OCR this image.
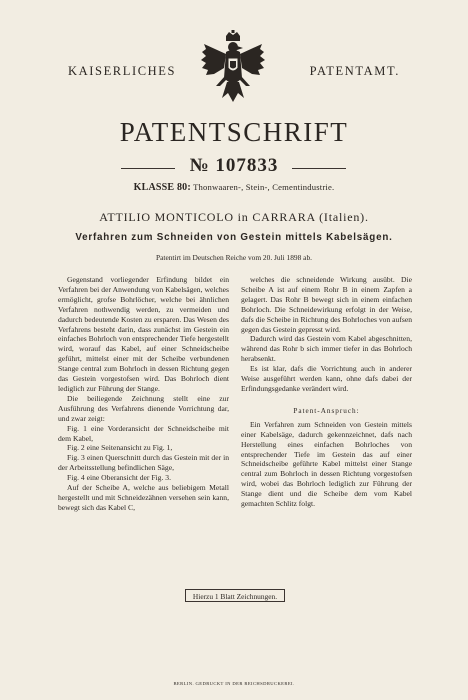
KAISERLICHES	PATENTAMT.
PATENTSCHRIFT
№ 107833
KLASSE 80: Thonwaaren-, Stein-, Cementindustrie.
ATTILIO MONTICOLO in CARRARA (Italien).
Verfahren zum Schneiden von Gestein mittels Kabelsägen.
Patentirt im Deutschen Reiche vom 20. Juli 1898 ab.

Gegenstand vorliegender Erfindung bildet ein Verfahren bei der Anwendung von Kabelsägen, welches ermöglicht, grofse Bohrlöcher, welche bei ähnlichen Verfahren nothwendig werden, zu vermeiden und dadurch bedeutende Kosten zu ersparen. Das Wesen des Verfahrens besteht darin, dass zunächst im Gestein ein einfaches Bohrloch von entsprechender Tiefe hergestellt wird, worauf das Kabel, auf einer Schneidscheibe geführt, mittelst einer mit der Scheibe verbundenen Stange central zum Bohrloch in dessen Richtung gegen das Gestein vorgestofsen wird. Das Bohrloch dient lediglich zur Führung der Stange.

Die beiliegende Zeichnung stellt eine zur Ausführung des Verfahrens dienende Vorrichtung dar, und zwar zeigt:

Fig. 1 eine Vorderansicht der Schneidscheibe mit dem Kabel,

Fig. 2 eine Seitenansicht zu Fig. 1,

Fig. 3 einen Querschnitt durch das Gestein mit der in der Arbeitsstellung befindlichen Säge,

Fig. 4 eine Oberansicht der Fig. 3.

Auf der Scheibe A, welche aus beliebigem Metall hergestellt und mit Schneidezähnen versehen sein kann, bewegt sich das Kabel C,

welches die schneidende Wirkung ausübt. Die Scheibe A ist auf einem Rohr B in einem Zapfen a gelagert. Das Rohr B bewegt sich in einem einfachen Bohrloch. Die Schneidewirkung erfolgt in der Weise, dafs die Scheibe in Richtung des Bohrloches von aufsen gegen das Gestein gepresst wird.

Dadurch wird das Gestein vom Kabel abgeschnitten, während das Rohr b sich immer tiefer in das Bohrloch herabsenkt.

Es ist klar, dafs die Vorrichtung auch in anderer Weise ausgeführt werden kann, ohne dafs dabei der Erfindungsgedanke verändert wird.

Patent-Anspruch:

Ein Verfahren zum Schneiden von Gestein mittels einer Kabelsäge, dadurch gekennzeichnet, dafs nach Herstellung eines einfachen Bohrloches von entsprechender Tiefe im Gestein das auf einer Schneidscheibe geführte Kabel mittelst einer Stange central zum Bohrloch in dessen Richtung vorgestofsen wird, wobei das Bohrloch lediglich zur Führung der Stange dient und die Scheibe dem vom Kabel gemachten Schlitz folgt.

Hierzu 1 Blatt Zeichnungen.
BERLIN. GEDRUCKT IN DER REICHSDRUCKEREI.
